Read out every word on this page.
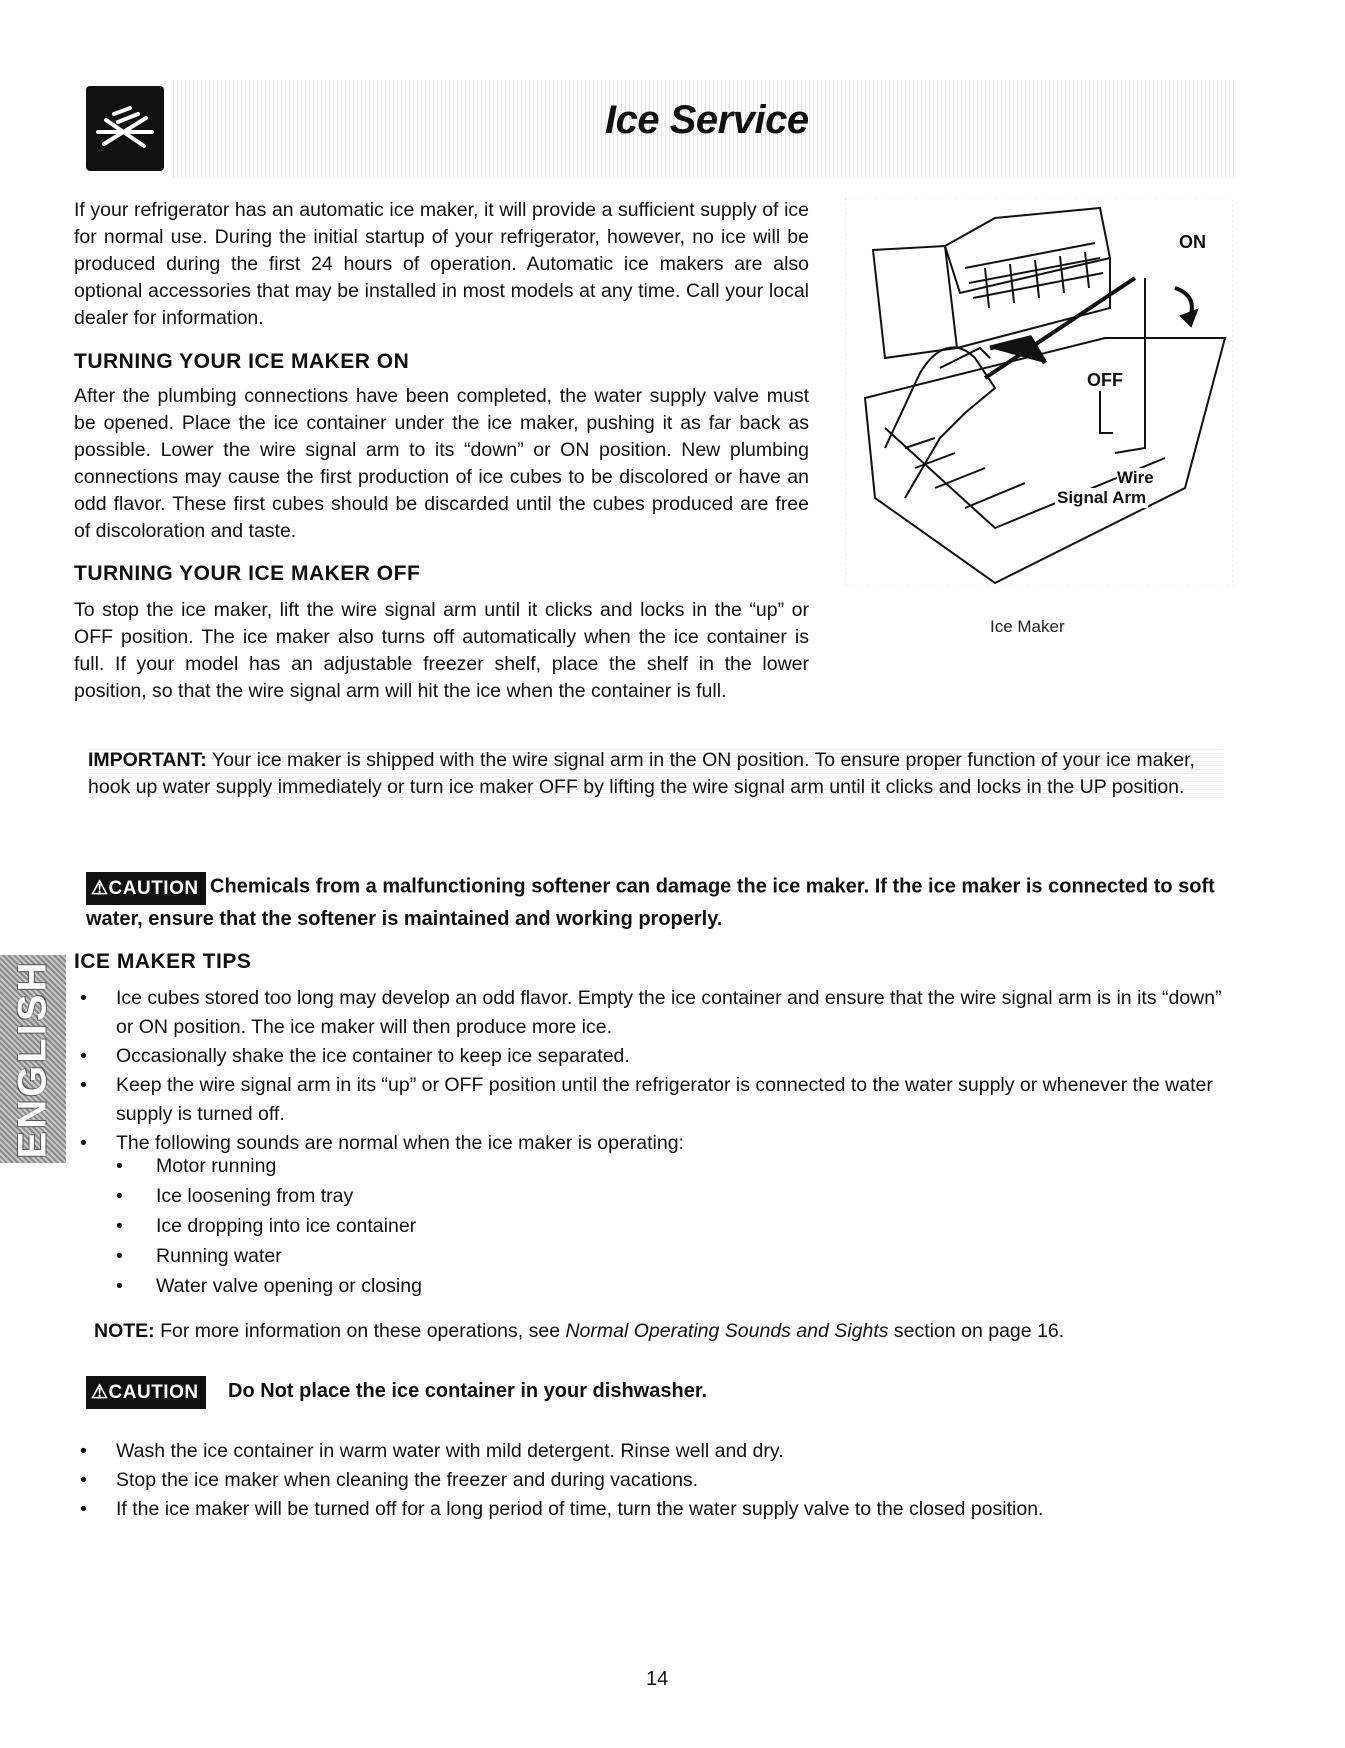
Ice Service

If your refrigerator has an automatic ice maker, it will provide a sufficient supply of ice for normal use. During the initial startup of your refrigerator, however, no ice will be produced during the first 24 hours of operation. Automatic ice makers are also optional accessories that may be installed in most models at any time. Call your local dealer for information.

TURNING YOUR ICE MAKER ON

After the plumbing connections have been completed, the water supply valve must be opened. Place the ice container under the ice maker, pushing it as far back as possible. Lower the wire signal arm to its “down” or ON position. New plumbing connections may cause the first production of ice cubes to be discolored or have an odd flavor. These first cubes should be discarded until the cubes produced are free of discoloration and taste.

TURNING YOUR ICE MAKER OFF

To stop the ice maker, lift the wire signal arm until it clicks and locks in the “up” or OFF position. The ice maker also turns off automatically when the ice container is full. If your model has an adjustable freezer shelf, place the shelf in the lower position, so that the wire signal arm will hit the ice when the container is full.

ON
OFF
Wire
Signal Arm
Ice Maker
IMPORTANT: Your ice maker is shipped with the wire signal arm in the ON position. To ensure proper function of your ice maker, hook up water supply immediately or turn ice maker OFF by lifting the wire signal arm until it clicks and locks in the UP position.
⚠CAUTION Chemicals from a malfunctioning softener can damage the ice maker. If the ice maker is connected to soft water, ensure that the softener is maintained and working properly.
ENGLISH ICE MAKER TIPS
• Ice cubes stored too long may develop an odd flavor. Empty the ice container and ensure that the wire signal arm is in its “down” or ON position. The ice maker will then produce more ice.
• Occasionally shake the ice container to keep ice separated.
• Keep the wire signal arm in its “up” or OFF position until the refrigerator is connected to the water supply or whenever the water supply is turned off.
• The following sounds are normal when the ice maker is operating:
• Motor running
• Ice loosening from tray
• Ice dropping into ice container
• Running water
• Water valve opening or closing
NOTE: For more information on these operations, see Normal Operating Sounds and Sights section on page 16.
⚠CAUTION Do Not place the ice container in your dishwasher.
• Wash the ice container in warm water with mild detergent. Rinse well and dry.
• Stop the ice maker when cleaning the freezer and during vacations.
• If the ice maker will be turned off for a long period of time, turn the water supply valve to the closed position.
14
